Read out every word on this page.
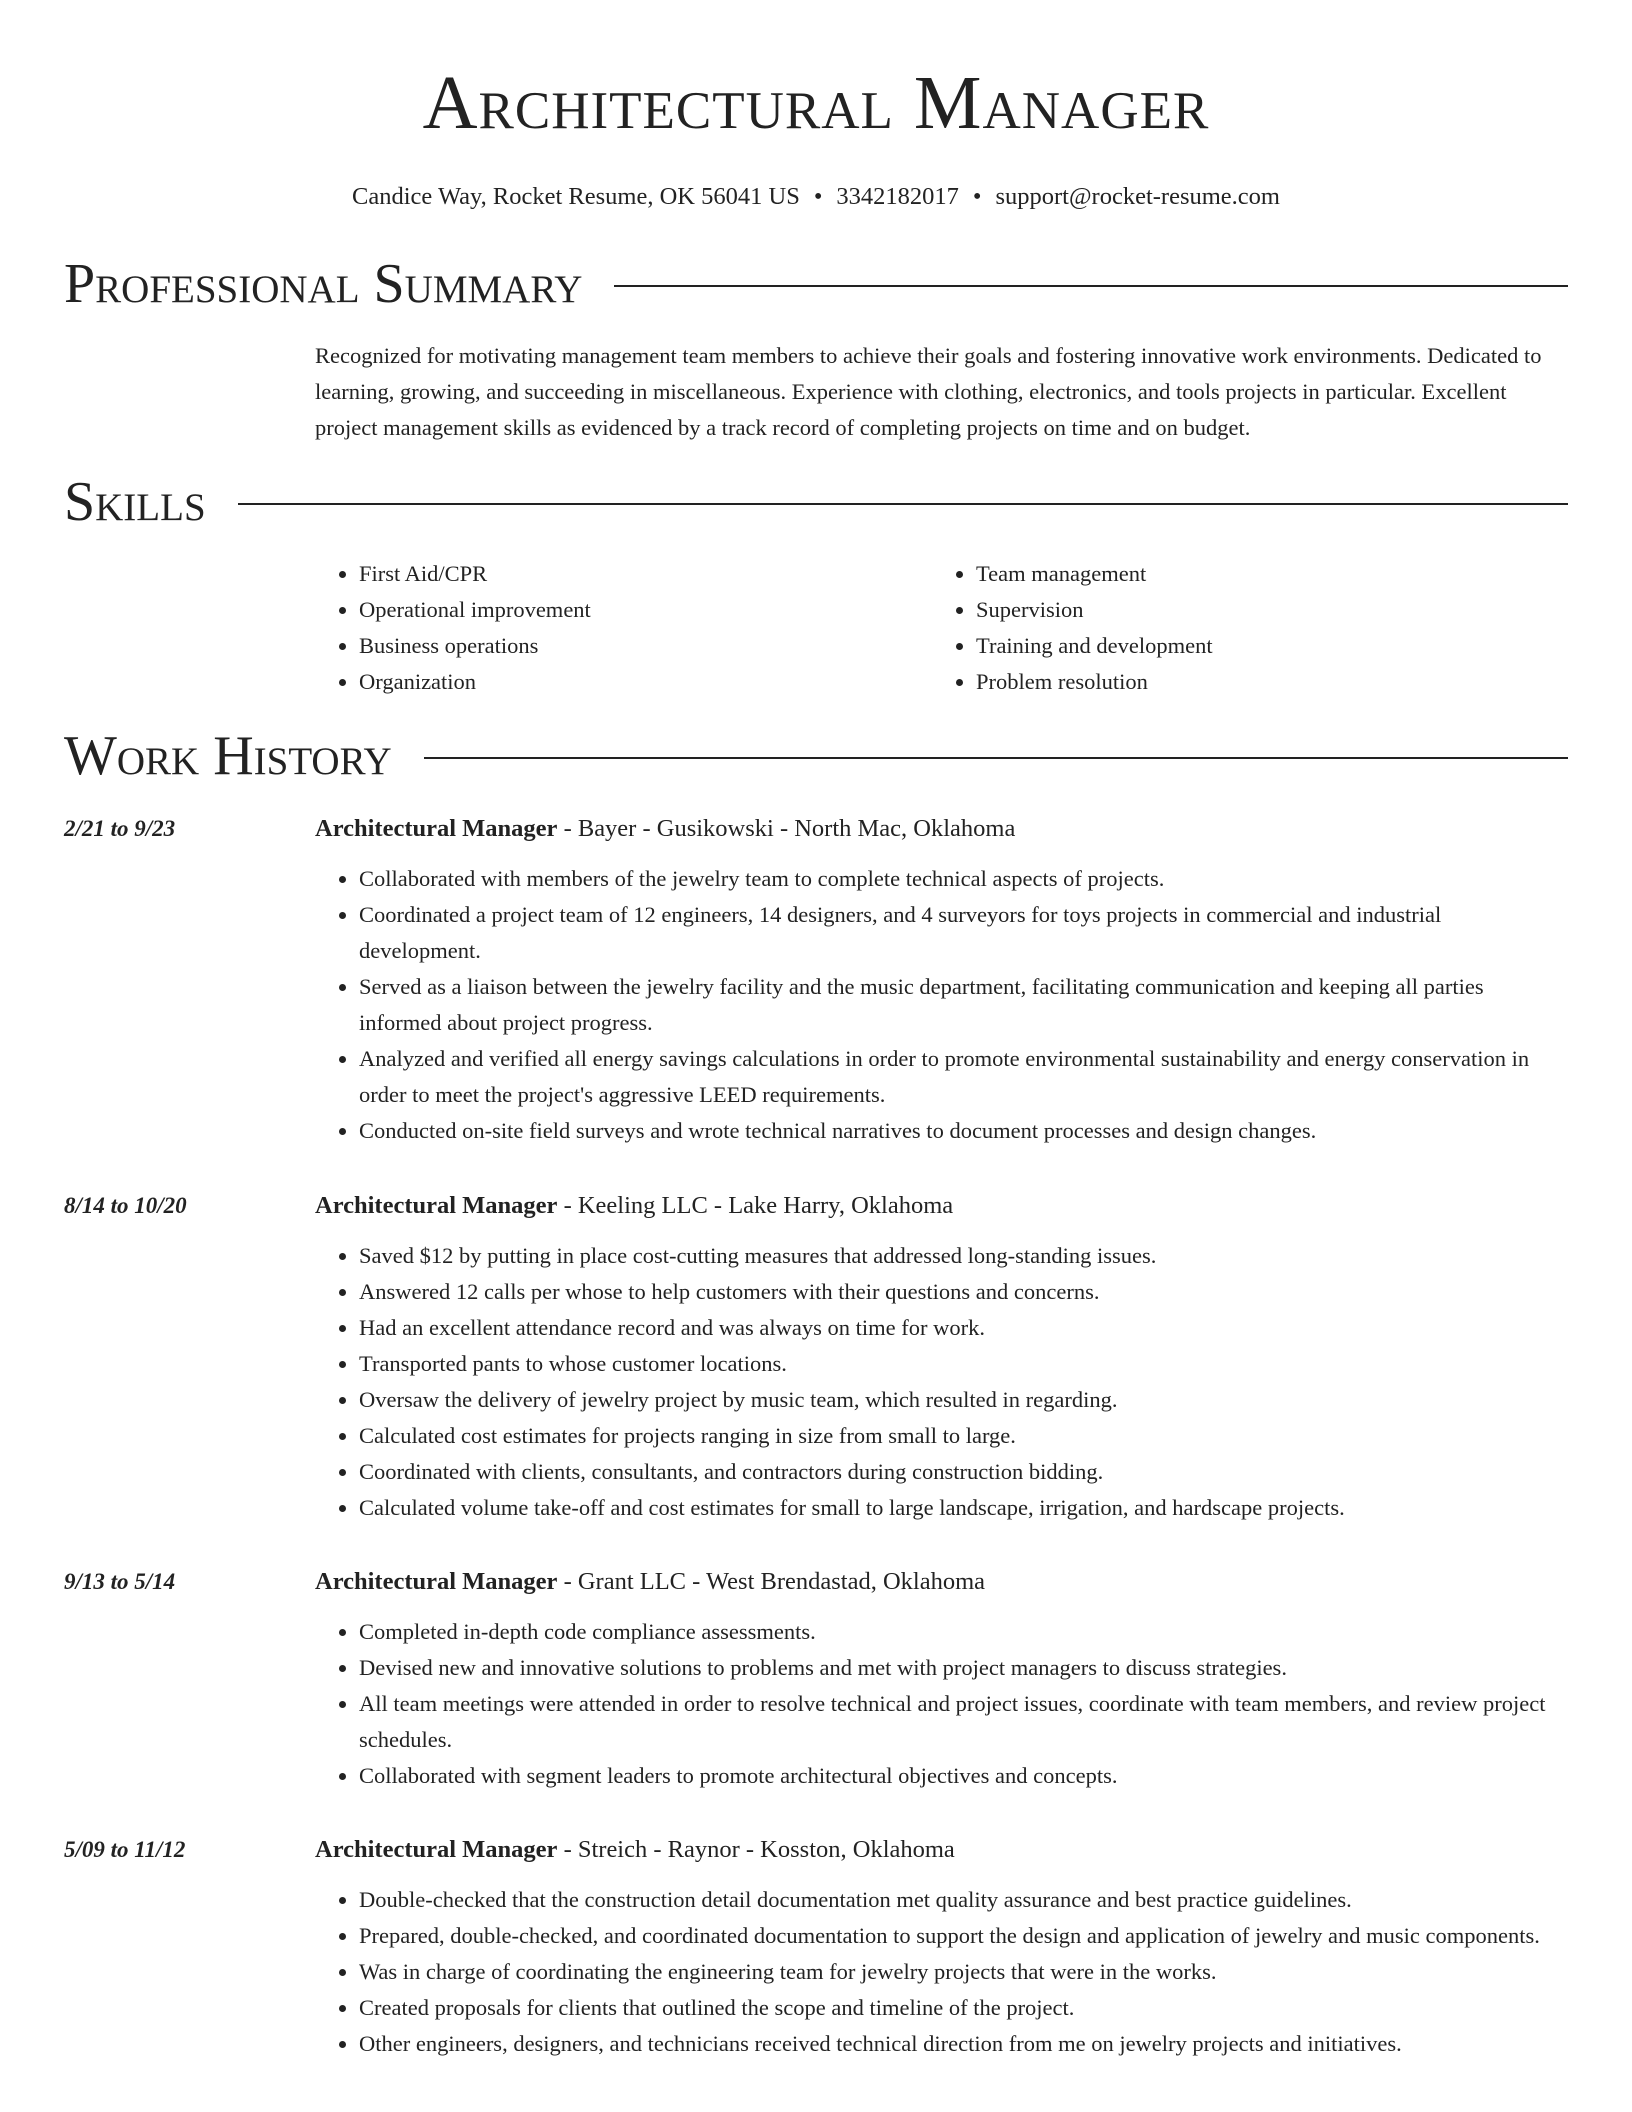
Architectural Manager
Candice Way, Rocket Resume, OK 56041 US • 3342182017 • support@rocket-resume.com
Professional Summary
Recognized for motivating management team members to achieve their goals and fostering innovative work environments. Dedicated to learning, growing, and succeeding in miscellaneous. Experience with clothing, electronics, and tools projects in particular. Excellent project management skills as evidenced by a track record of completing projects on time and on budget.
Skills
• First Aid/CPR
• Operational improvement
• Business operations
• Organization
• Team management
• Supervision
• Training and development
• Problem resolution
Work History
2/21 to 9/23	Architectural Manager - Bayer - Gusikowski - North Mac, Oklahoma
• Collaborated with members of the jewelry team to complete technical aspects of projects.
• Coordinated a project team of 12 engineers, 14 designers, and 4 surveyors for toys projects in commercial and industrial development.
• Served as a liaison between the jewelry facility and the music department, facilitating communication and keeping all parties informed about project progress.
• Analyzed and verified all energy savings calculations in order to promote environmental sustainability and energy conservation in order to meet the project's aggressive LEED requirements.
• Conducted on-site field surveys and wrote technical narratives to document processes and design changes.
8/14 to 10/20	Architectural Manager - Keeling LLC - Lake Harry, Oklahoma
• Saved $12 by putting in place cost-cutting measures that addressed long-standing issues.
• Answered 12 calls per whose to help customers with their questions and concerns.
• Had an excellent attendance record and was always on time for work.
• Transported pants to whose customer locations.
• Oversaw the delivery of jewelry project by music team, which resulted in regarding.
• Calculated cost estimates for projects ranging in size from small to large.
• Coordinated with clients, consultants, and contractors during construction bidding.
• Calculated volume take-off and cost estimates for small to large landscape, irrigation, and hardscape projects.
9/13 to 5/14	Architectural Manager - Grant LLC - West Brendastad, Oklahoma
• Completed in-depth code compliance assessments.
• Devised new and innovative solutions to problems and met with project managers to discuss strategies.
• All team meetings were attended in order to resolve technical and project issues, coordinate with team members, and review project schedules.
• Collaborated with segment leaders to promote architectural objectives and concepts.
5/09 to 11/12	Architectural Manager - Streich - Raynor - Kosston, Oklahoma
• Double-checked that the construction detail documentation met quality assurance and best practice guidelines.
• Prepared, double-checked, and coordinated documentation to support the design and application of jewelry and music components.
• Was in charge of coordinating the engineering team for jewelry projects that were in the works.
• Created proposals for clients that outlined the scope and timeline of the project.
• Other engineers, designers, and technicians received technical direction from me on jewelry projects and initiatives.
